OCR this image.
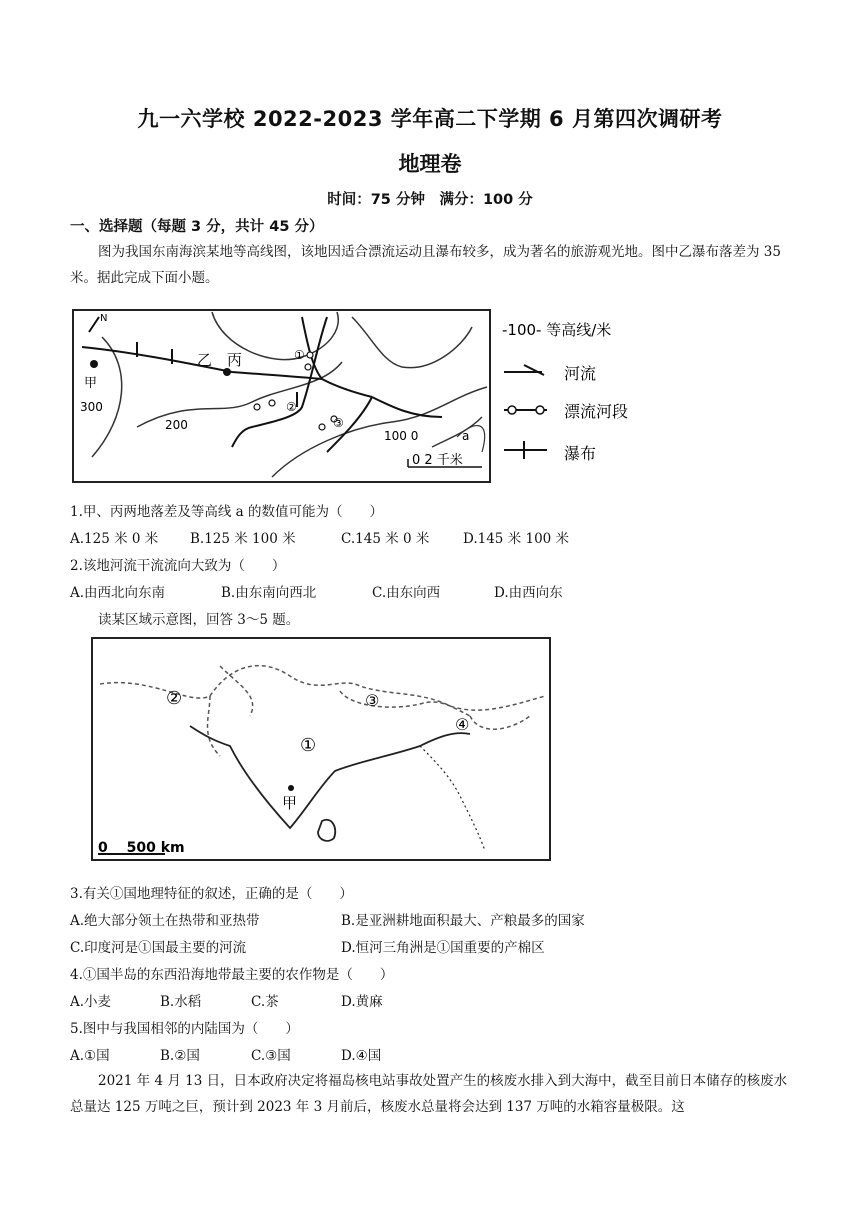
九一六学校 2022-2023 学年高二下学期 6 月第四次调研考
地理卷
时间：75 分钟　满分：100 分
一、选择题（每题 3 分，共计 45 分）
图为我国东南海滨某地等高线图，该地因适合漂流运动且瀑布较多，成为著名的旅游观光地。图中乙瀑布落差为 35 米。据此完成下面小题。
N
甲
乙 丙
300
200
100 0	a
①
②
③
0 2 千米
-100- 等高线/米
河流
漂流河段
瀑布
1.甲、丙两地落差及等高线 a 的数值可能为（　　）
A.125 米 0 米 B.125 米 100 米	C.145 米 0 米 D.145 米 100 米
2.该地河流干流流向大致为（　　）
A.由西北向东南	B.由东南向西北	C.由东向西	D.由西向东
读某区域示意图，回答 3～5 题。
甲
①
②	③
④
0 　500 km
3.有关①国地理特征的叙述，正确的是（　　）
A.绝大部分领土在热带和亚热带	B.是亚洲耕地面积最大、产粮最多的国家
C.印度河是①国最主要的河流	D.恒河三角洲是①国重要的产棉区
4.①国半岛的东西沿海地带最主要的农作物是（　　）
A.小麦	B.水稻	C.茶	D.黄麻
5.图中与我国相邻的内陆国为（　　）
A.①国	B.②国	C.③国	D.④国
2021 年 4 月 13 日，日本政府决定将福岛核电站事故处置产生的核废水排入到大海中，截至目前日本储存的核废水总量达 125 万吨之巨，预计到 2023 年 3 月前后，核废水总量将会达到 137 万吨的水箱容量极限。这
